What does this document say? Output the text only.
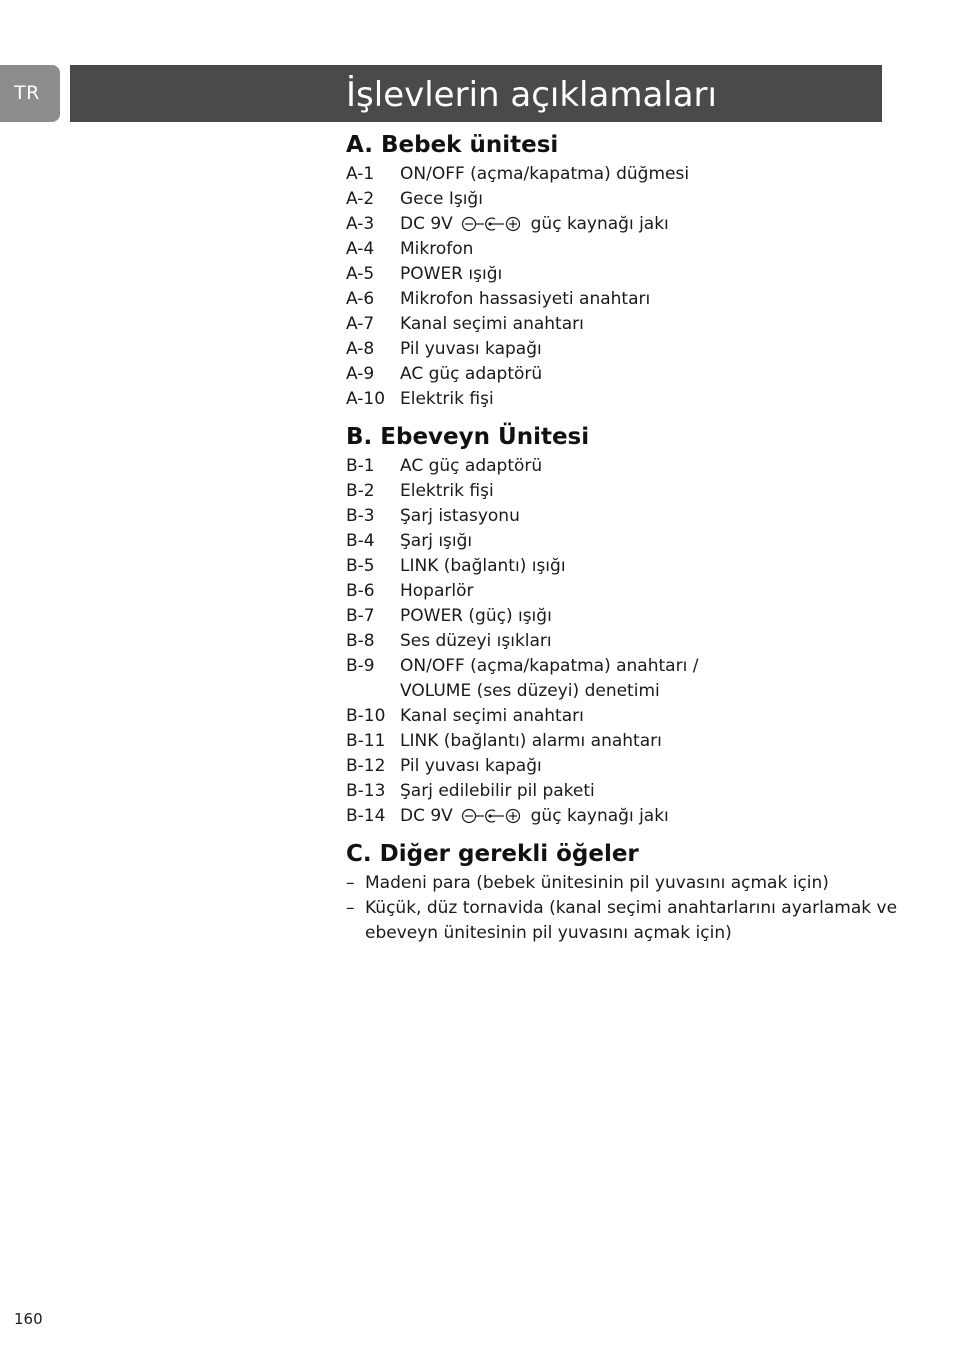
TR	İşlevlerin açıklamaları
A. Bebek ünitesi
A-1	ON/OFF (açma/kapatma) düğmesi
A-2	Gece Işığı
A-3	DC 9V	güç kaynağı jakı
A-4	Mikrofon
A-5	POWER ışığı
A-6	Mikrofon hassasiyeti anahtarı
A-7	Kanal seçimi anahtarı
A-8	Pil yuvası kapağı
A-9	AC güç adaptörü
A-10 Elektrik fişi
B. Ebeveyn Ünitesi
B-1	AC güç adaptörü
B-2	Elektrik fişi
B-3	Şarj istasyonu
B-4	Şarj ışığı
B-5	LINK (bağlantı) ışığı
B-6	Hoparlör
B-7	POWER (güç) ışığı
B-8	Ses düzeyi ışıkları
B-9	ON/OFF (açma/kapatma) anahtarı /
VOLUME (ses düzeyi) denetimi
B-10 Kanal seçimi anahtarı
B-11 LINK (bağlantı) alarmı anahtarı
B-12 Pil yuvası kapağı
B-13 Şarj edilebilir pil paketi
B-14 DC 9V	güç kaynağı jakı
C. Diğer gerekli öğeler
– Madeni para (bebek ünitesinin pil yuvasını açmak için)
– Küçük, düz tornavida (kanal seçimi anahtarlarını ayarlamak ve
ebeveyn ünitesinin pil yuvasını açmak için)
160
